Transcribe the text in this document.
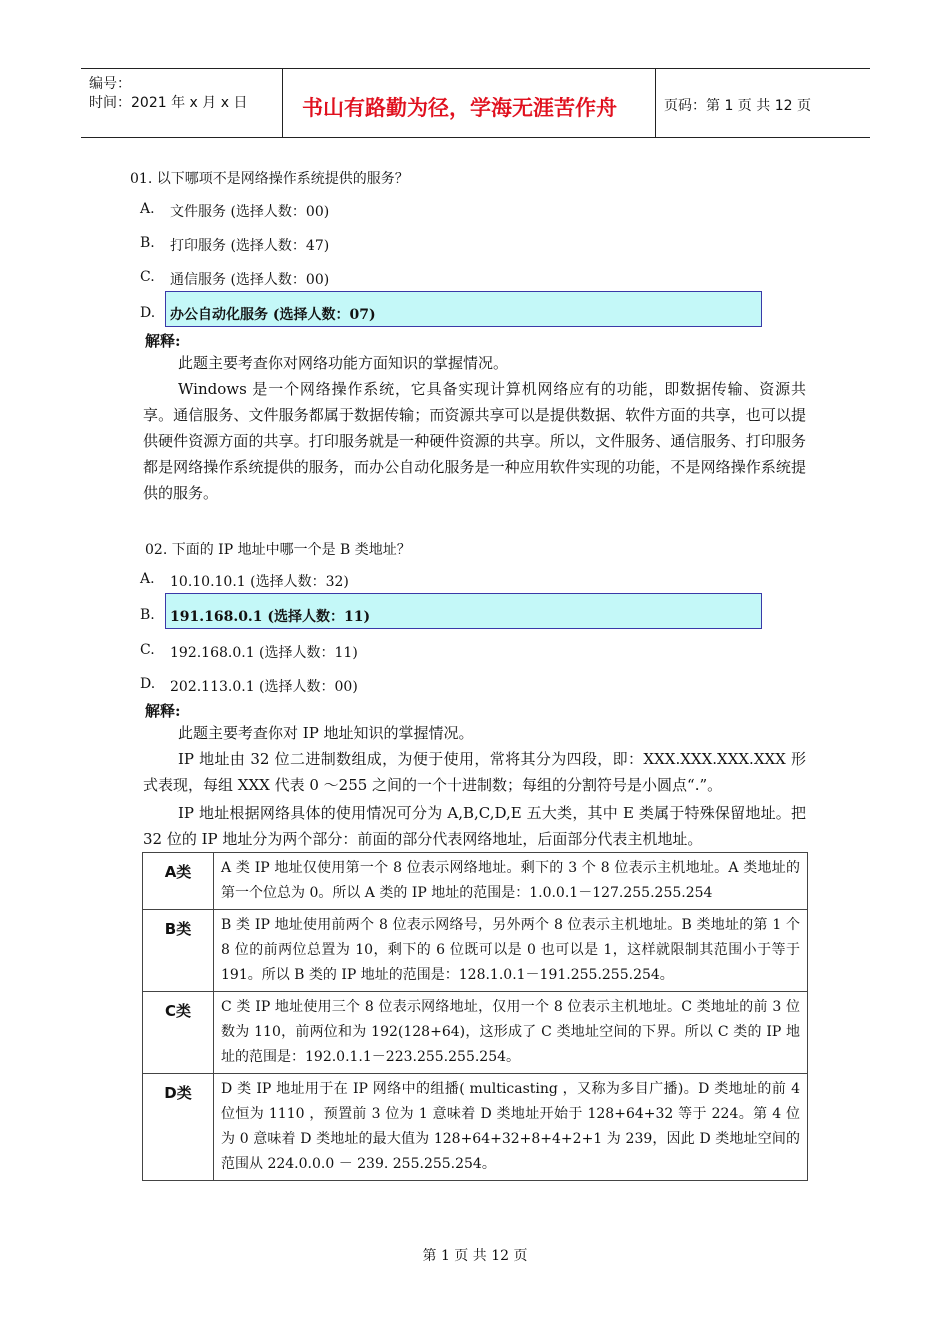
编号：
时间：2021 年 x 月 x 日	书山有路勤为径，学海无涯苦作舟	页码：第 1 页 共 12 页
01. 以下哪项不是网络操作系统提供的服务？
A. 文件服务 (选择人数：00)
B. 打印服务 (选择人数：47)
C. 通信服务 (选择人数：00)
D. 办公自动化服务 (选择人数：07)
解释:
此题主要考查你对网络功能方面知识的掌握情况。
Windows 是一个网络操作系统，它具备实现计算机网络应有的功能，即数据传输、资源共享。通信服务、文件服务都属于数据传输；而资源共享可以是提供数据、软件方面的共享，也可以提供硬件资源方面的共享。打印服务就是一种硬件资源的共享。所以，文件服务、通信服务、打印服务都是网络操作系统提供的服务，而办公自动化服务是一种应用软件实现的功能，不是网络操作系统提供的服务。
02. 下面的 IP 地址中哪一个是 B 类地址？
A. 10.10.10.1 (选择人数：32)
B. 191.168.0.1 (选择人数：11)
C. 192.168.0.1 (选择人数：11)
D. 202.113.0.1 (选择人数：00)
解释:
此题主要考查你对 IP 地址知识的掌握情况。
IP 地址由 32 位二进制数组成，为便于使用，常将其分为四段，即：XXX.XXX.XXX.XXX 形式表现，每组 XXX 代表 0 ～255 之间的一个十进制数；每组的分割符号是小圆点“.”。
IP 地址根据网络具体的使用情况可分为 A,B,C,D,E 五大类，其中 E 类属于特殊保留地址。把 32 位的 IP 地址分为两个部分：前面的部分代表网络地址，后面部分代表主机地址。
A类	A 类 IP 地址仅使用第一个 8 位表示网络地址。剩下的 3 个 8 位表示主机地址。A 类地址的第一个位总为 0。所以 A 类的 IP 地址的范围是：1.0.0.1－127.255.255.254
B类	B 类 IP 地址使用前两个 8 位表示网络号，另外两个 8 位表示主机地址。B 类地址的第 1 个 8 位的前两位总置为 10，剩下的 6 位既可以是 0 也可以是 1，这样就限制其范围小于等于 191。所以 B 类的 IP 地址的范围是：128.1.0.1－191.255.255.254。
C类	C 类 IP 地址使用三个 8 位表示网络地址，仅用一个 8 位表示主机地址。C 类地址的前 3 位数为 110，前两位和为 192(128+64)，这形成了 C 类地址空间的下界。所以 C 类的 IP 地址的范围是：192.0.1.1－223.255.255.254。
D类	D 类 IP 地址用于在 IP 网络中的组播( multicasting ，又称为多目广播)。D 类地址的前 4 位恒为 1110 ，预置前 3 位为 1 意味着 D 类地址开始于 128+64+32 等于 224。第 4 位为 0 意味着 D 类地址的最大值为 128+64+32+8+4+2+1 为 239，因此 D 类地址空间的范围从 224.0.0.0 － 239. 255.255.254。
第 1 页 共 12 页
